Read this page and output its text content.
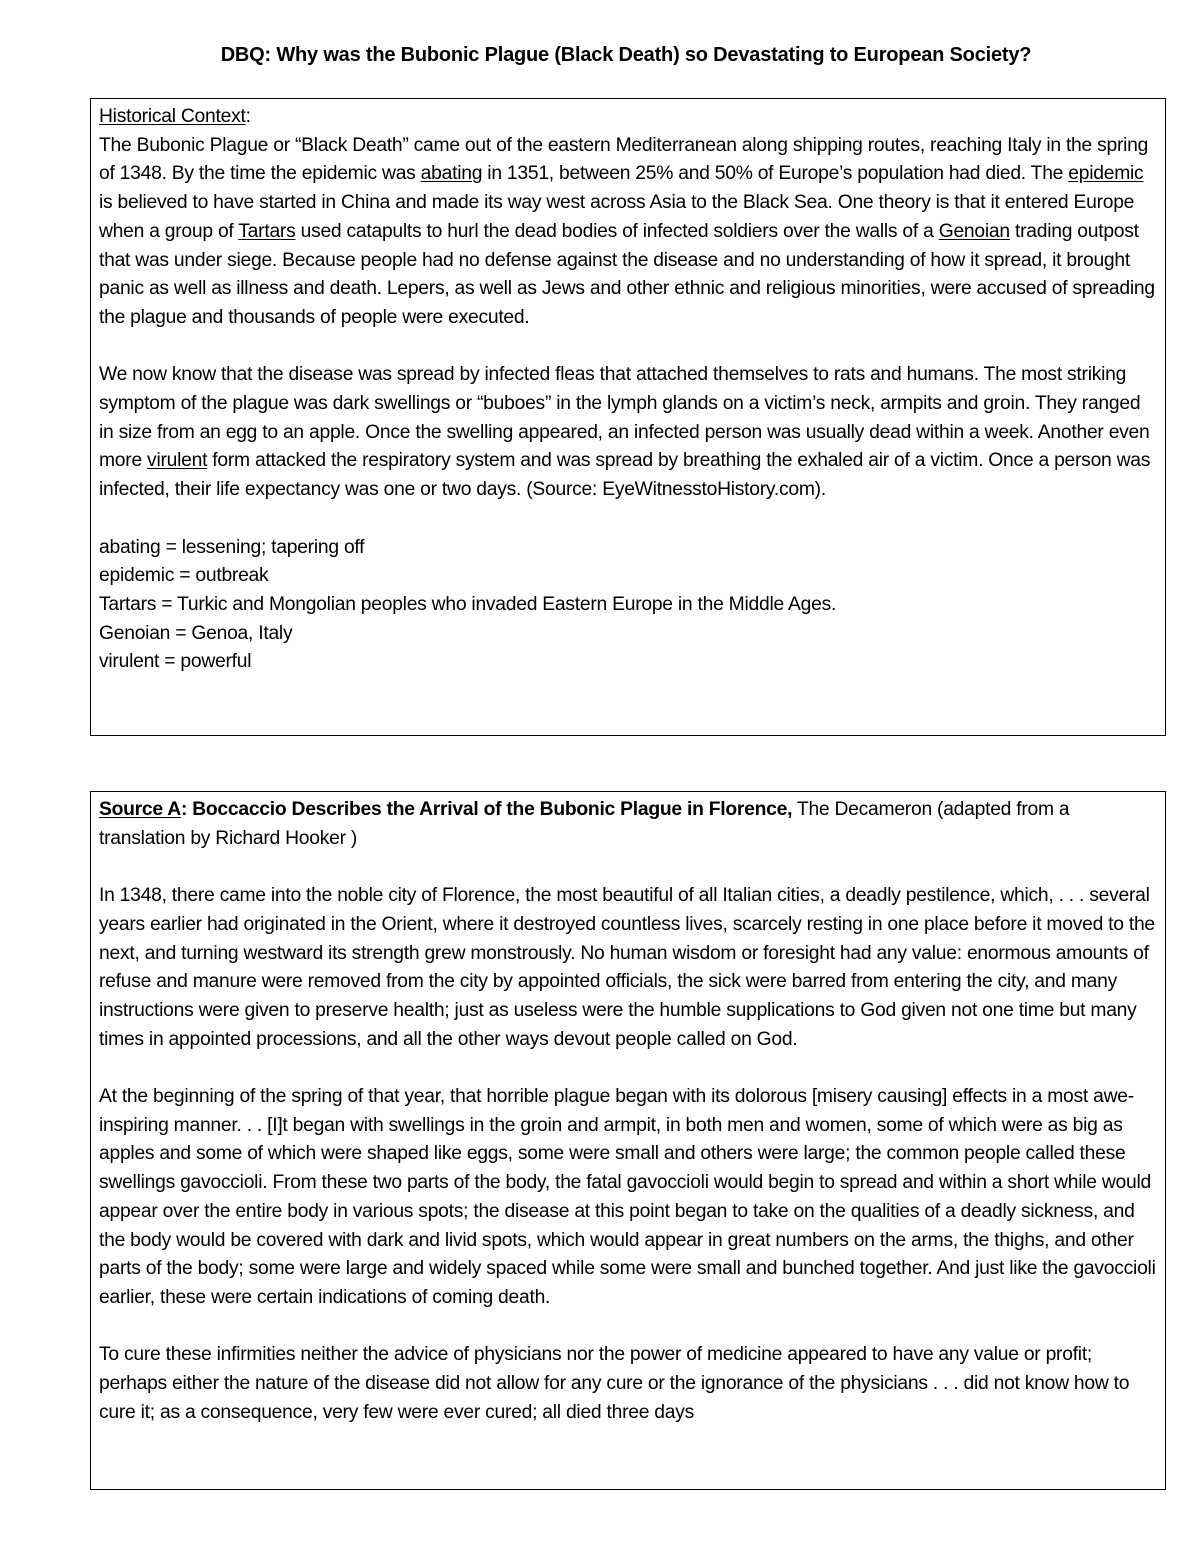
DBQ: Why was the Bubonic Plague (Black Death) so Devastating to European Society?

Historical Context:
The Bubonic Plague or “Black Death” came out of the eastern Mediterranean along shipping routes, reaching Italy in the spring of 1348. By the time the epidemic was abating in 1351, between 25% and 50% of Europe’s population had died. The epidemic is believed to have started in China and made its way west across Asia to the Black Sea. One theory is that it entered Europe when a group of Tartars used catapults to hurl the dead bodies of infected soldiers over the walls of a Genoian trading outpost that was under siege. Because people had no defense against the disease and no understanding of how it spread, it brought panic as well as illness and death. Lepers, as well as Jews and other ethnic and religious minorities, were accused of spreading the plague and thousands of people were executed.

We now know that the disease was spread by infected fleas that attached themselves to rats and humans. The most striking symptom of the plague was dark swellings or “buboes” in the lymph glands on a victim’s neck, armpits and groin. They ranged in size from an egg to an apple. Once the swelling appeared, an infected person was usually dead within a week. Another even more virulent form attacked the respiratory system and was spread by breathing the exhaled air of a victim. Once a person was infected, their life expectancy was one or two days. (Source: EyeWitnesstoHistory.com).

abating = lessening; tapering off
epidemic = outbreak
Tartars = Turkic and Mongolian peoples who invaded Eastern Europe in the Middle Ages.
Genoian = Genoa, Italy
virulent = powerful

Source A: Boccaccio Describes the Arrival of the Bubonic Plague in Florence, The Decameron (adapted from a translation by Richard Hooker )

In 1348, there came into the noble city of Florence, the most beautiful of all Italian cities, a deadly pestilence, which, . . . several years earlier had originated in the Orient, where it destroyed countless lives, scarcely resting in one place before it moved to the next, and turning westward its strength grew monstrously. No human wisdom or foresight had any value: enormous amounts of refuse and manure were removed from the city by appointed officials, the sick were barred from entering the city, and many instructions were given to preserve health; just as useless were the humble supplications to God given not one time but many times in appointed processions, and all the other ways devout people called on God.

At the beginning of the spring of that year, that horrible plague began with its dolorous [misery causing] effects in a most awe-inspiring manner. . . [I]t began with swellings in the groin and armpit, in both men and women, some of which were as big as apples and some of which were shaped like eggs, some were small and others were large; the common people called these swellings gavoccioli. From these two parts of the body, the fatal gavoccioli would begin to spread and within a short while would appear over the entire body in various spots; the disease at this point began to take on the qualities of a deadly sickness, and the body would be covered with dark and livid spots, which would appear in great numbers on the arms, the thighs, and other parts of the body; some were large and widely spaced while some were small and bunched together. And just like the gavoccioli earlier, these were certain indications of coming death.

To cure these infirmities neither the advice of physicians nor the power of medicine appeared to have any value or profit; perhaps either the nature of the disease did not allow for any cure or the ignorance of the physicians . . . did not know how to cure it; as a consequence, very few were ever cured; all died three days
